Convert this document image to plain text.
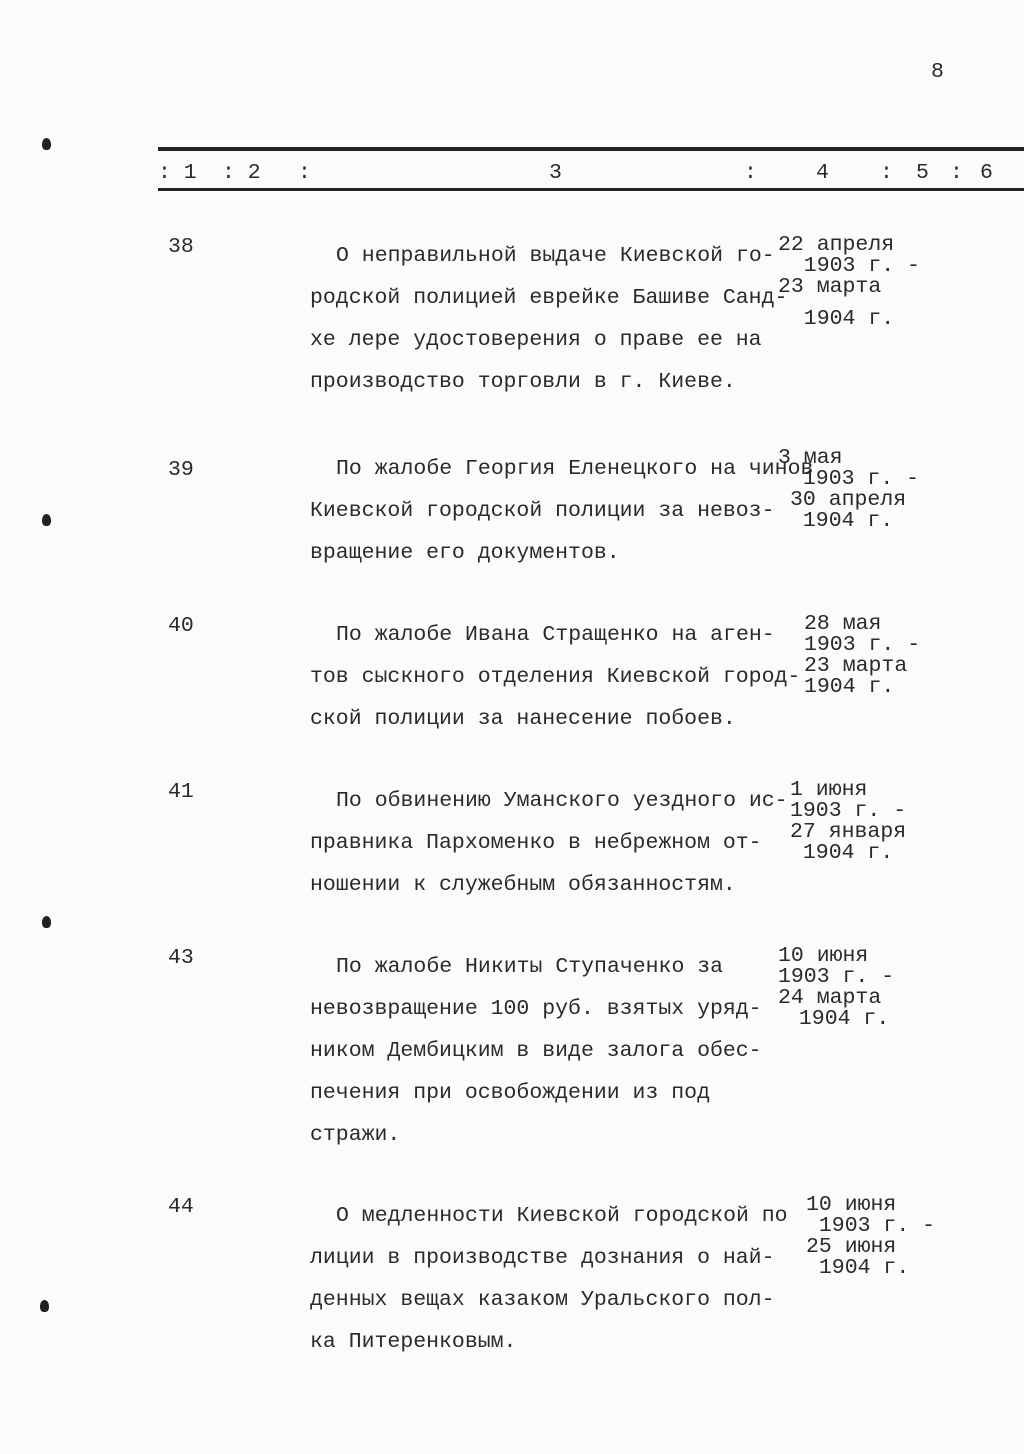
8
: 1 : 2 :	3	:	4 : 5 : 6
38	О неправильной выдаче Киевской го-
родской полицией еврейке Башиве Санд-
хе лере удостоверения о праве ее на
производство торговли в г. Киеве.
22 апреля
1903 г. -
23 марта
1904 г.
39	По жалобе Георгия Еленецкого на чинов
Киевской городской полиции за невоз-
вращение его документов.
3 мая
1903 г. -
30 апреля
1904 г.
40	По жалобе Ивана Стращенко на аген-
тов сыскного отделения Киевской город-
ской полиции за нанесение побоев.
28 мая
1903 г. -
23 марта
1904 г.
41	По обвинению Уманского уездного ис-
правника Пархоменко в небрежном от-
ношении к служебным обязанностям.
1 июня
1903 г. -
27 января
1904 г.
43	По жалобе Никиты Ступаченко за
невозвращение 100 руб. взятых уряд-
ником Дембицким в виде залога обес-
печения при освобождении из под
стражи.
10 июня
1903 г. -
24 марта
1904 г.
44	О медленности Киевской городской по
лиции в производстве дознания о най-
денных вещах казаком Уральского пол-
ка Питеренковым.
10 июня
1903 г. -
25 июня
1904 г.
